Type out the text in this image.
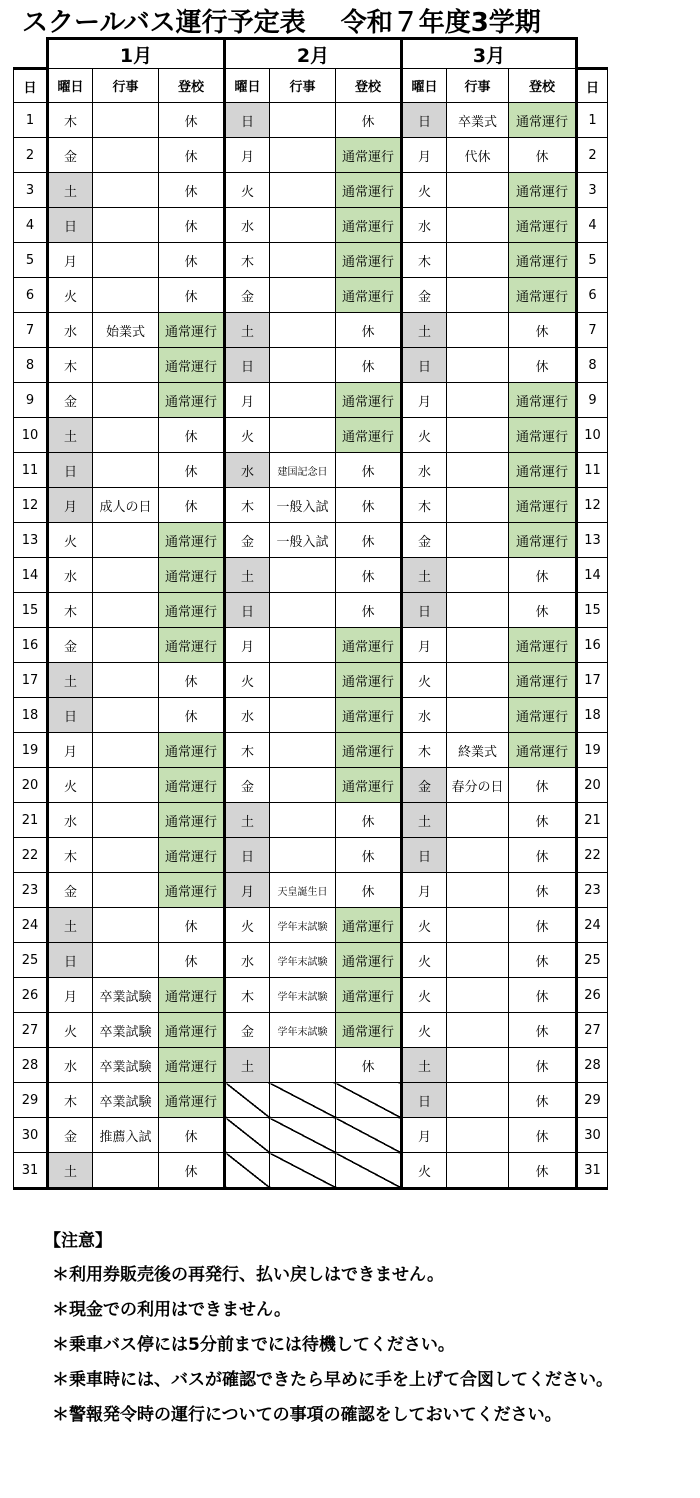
スクールバス運行予定表　 令和７年度3学期
	1月			2月			3月			
日	曜日	行事	登校	曜日	行事	登校	曜日	行事	登校	日
1	木		休	日		休	日	卒業式	通常運行	1
2	金		休	月		通常運行	月	代休	休	2
3	土		休	火		通常運行	火		通常運行	3
4	日		休	水		通常運行	水		通常運行	4
5	月		休	木		通常運行	木		通常運行	5
6	火		休	金		通常運行	金		通常運行	6
7	水	始業式	通常運行	土		休	土		休	7
8	木		通常運行	日		休	日		休	8
9	金		通常運行	月		通常運行	月		通常運行	9
10	土		休	火		通常運行	火		通常運行	10
11	日		休	水	建国記念日	休	水		通常運行	11
12	月	成人の日	休	木	一般入試	休	木		通常運行	12
13	火		通常運行	金	一般入試	休	金		通常運行	13
14	水		通常運行	土		休	土		休	14
15	木		通常運行	日		休	日		休	15
16	金		通常運行	月		通常運行	月		通常運行	16
17	土		休	火		通常運行	火		通常運行	17
18	日		休	水		通常運行	水		通常運行	18
19	月		通常運行	木		通常運行	木	終業式	通常運行	19
20	火		通常運行	金		通常運行	金	春分の日	休	20
21	水		通常運行	土		休	土		休	21
22	木		通常運行	日		休	日		休	22
23	金		通常運行	月	天皇誕生日	休	月		休	23
24	土		休	火	学年末試験	通常運行	火		休	24
25	日		休	水	学年末試験	通常運行	火		休	25
26	月	卒業試験	通常運行	木	学年末試験	通常運行	火		休	26
27	火	卒業試験	通常運行	金	学年末試験	通常運行	火		休	27
28	水	卒業試験	通常運行	土		休	土		休	28
29	木	卒業試験	通常運行				日		休	29
30	金	推薦入試	休				月		休	30
31	土		休				火		休	31
【注意】
＊利用券販売後の再発行、払い戻しはできません。
＊現金での利用はできません。
＊乗車バス停には5分前までには待機してください。
＊乗車時には、バスが確認できたら早めに手を上げて合図してください。
＊警報発令時の運行についての事項の確認をしておいてください。
